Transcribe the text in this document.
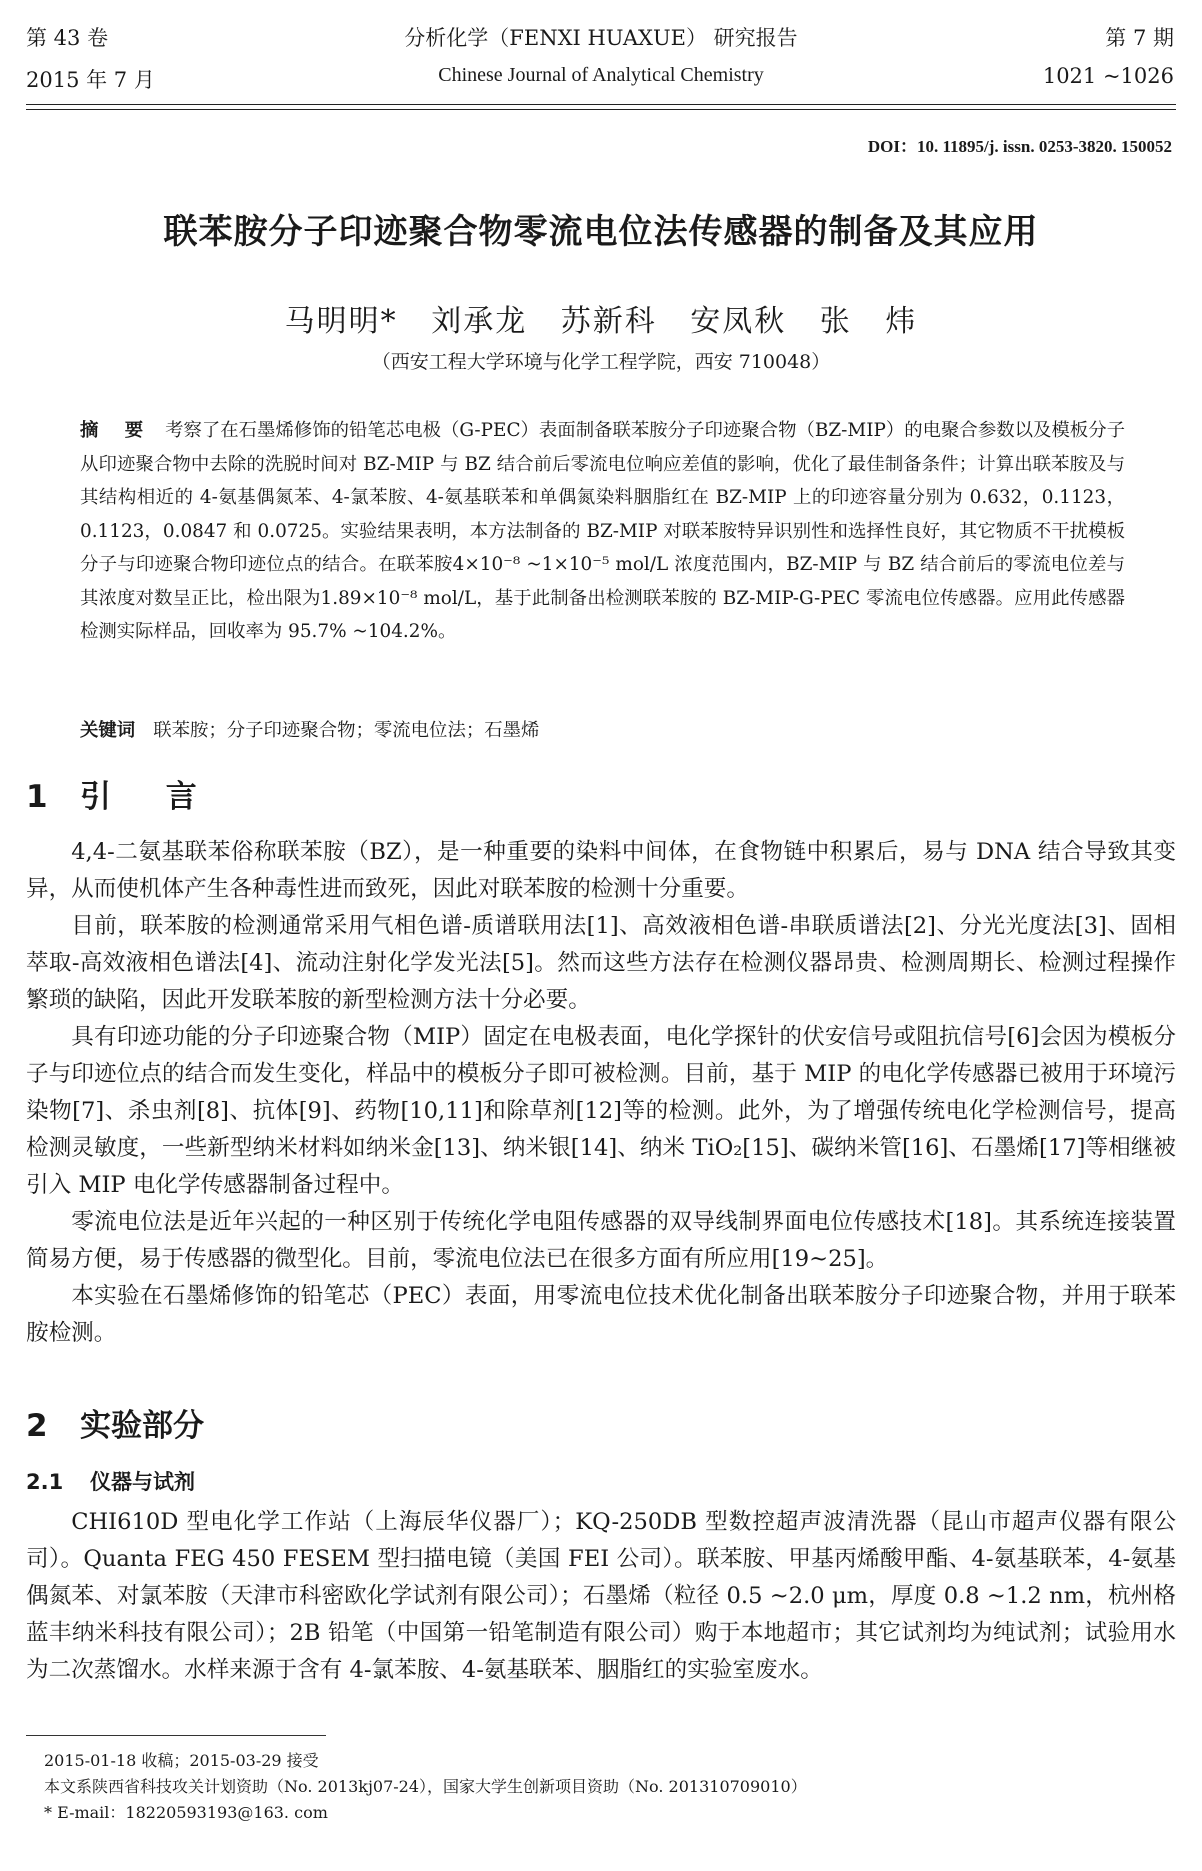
第 43 卷
2015 年 7 月
分析化学（FENXI HUAXUE） 研究报告
Chinese Journal of Analytical Chemistry
第 7 期
1021 ~1026
DOI：10. 11895/j. issn. 0253-3820. 150052
联苯胺分子印迹聚合物零流电位法传感器的制备及其应用
马明明* 刘承龙 苏新科 安凤秋 张 炜
（西安工程大学环境与化学工程学院，西安 710048）
摘 要 考察了在石墨烯修饰的铅笔芯电极（G-PEC）表面制备联苯胺分子印迹聚合物（BZ-MIP）的电聚合参数以及模板分子从印迹聚合物中去除的洗脱时间对 BZ-MIP 与 BZ 结合前后零流电位响应差值的影响，优化了最佳制备条件；计算出联苯胺及与其结构相近的 4-氨基偶氮苯、4-氯苯胺、4-氨基联苯和单偶氮染料胭脂红在 BZ-MIP 上的印迹容量分别为 0.632，0.1123，0.1123，0.0847 和 0.0725。实验结果表明，本方法制备的 BZ-MIP 对联苯胺特异识别性和选择性良好，其它物质不干扰模板分子与印迹聚合物印迹位点的结合。在联苯胺4×10⁻⁸ ~1×10⁻⁵ mol/L 浓度范围内，BZ-MIP 与 BZ 结合前后的零流电位差与其浓度对数呈正比，检出限为1.89×10⁻⁸ mol/L，基于此制备出检测联苯胺的 BZ-MIP-G-PEC 零流电位传感器。应用此传感器检测实际样品，回收率为 95.7% ~104.2%。
关键词 联苯胺；分子印迹聚合物；零流电位法；石墨烯
1 引 言

4,4-二氨基联苯俗称联苯胺（BZ），是一种重要的染料中间体，在食物链中积累后，易与 DNA 结合导致其变异，从而使机体产生各种毒性进而致死，因此对联苯胺的检测十分重要。

目前，联苯胺的检测通常采用气相色谱-质谱联用法[1]、高效液相色谱-串联质谱法[2]、分光光度法[3]、固相萃取-高效液相色谱法[4]、流动注射化学发光法[5]。然而这些方法存在检测仪器昂贵、检测周期长、检测过程操作繁琐的缺陷，因此开发联苯胺的新型检测方法十分必要。

具有印迹功能的分子印迹聚合物（MIP）固定在电极表面，电化学探针的伏安信号或阻抗信号[6]会因为模板分子与印迹位点的结合而发生变化，样品中的模板分子即可被检测。目前，基于 MIP 的电化学传感器已被用于环境污染物[7]、杀虫剂[8]、抗体[9]、药物[10,11]和除草剂[12]等的检测。此外，为了增强传统电化学检测信号，提高检测灵敏度，一些新型纳米材料如纳米金[13]、纳米银[14]、纳米 TiO₂[15]、碳纳米管[16]、石墨烯[17]等相继被引入 MIP 电化学传感器制备过程中。

零流电位法是近年兴起的一种区别于传统化学电阻传感器的双导线制界面电位传感技术[18]。其系统连接装置简易方便，易于传感器的微型化。目前，零流电位法已在很多方面有所应用[19~25]。

本实验在石墨烯修饰的铅笔芯（PEC）表面，用零流电位技术优化制备出联苯胺分子印迹聚合物，并用于联苯胺检测。

2 实验部分
2.1 仪器与试剂

CHI610D 型电化学工作站（上海辰华仪器厂）；KQ-250DB 型数控超声波清洗器（昆山市超声仪器有限公司）。Quanta FEG 450 FESEM 型扫描电镜（美国 FEI 公司）。联苯胺、甲基丙烯酸甲酯、4-氨基联苯，4-氨基偶氮苯、对氯苯胺（天津市科密欧化学试剂有限公司）；石墨烯（粒径 0.5 ~2.0 μm，厚度 0.8 ~1.2 nm，杭州格蓝丰纳米科技有限公司）；2B 铅笔（中国第一铅笔制造有限公司）购于本地超市；其它试剂均为纯试剂；试验用水为二次蒸馏水。水样来源于含有 4-氯苯胺、4-氨基联苯、胭脂红的实验室废水。

2015-01-18 收稿；2015-03-29 接受
本文系陕西省科技攻关计划资助（No. 2013kj07-24），国家大学生创新项目资助（No. 201310709010）
* E-mail：18220593193@163. com
